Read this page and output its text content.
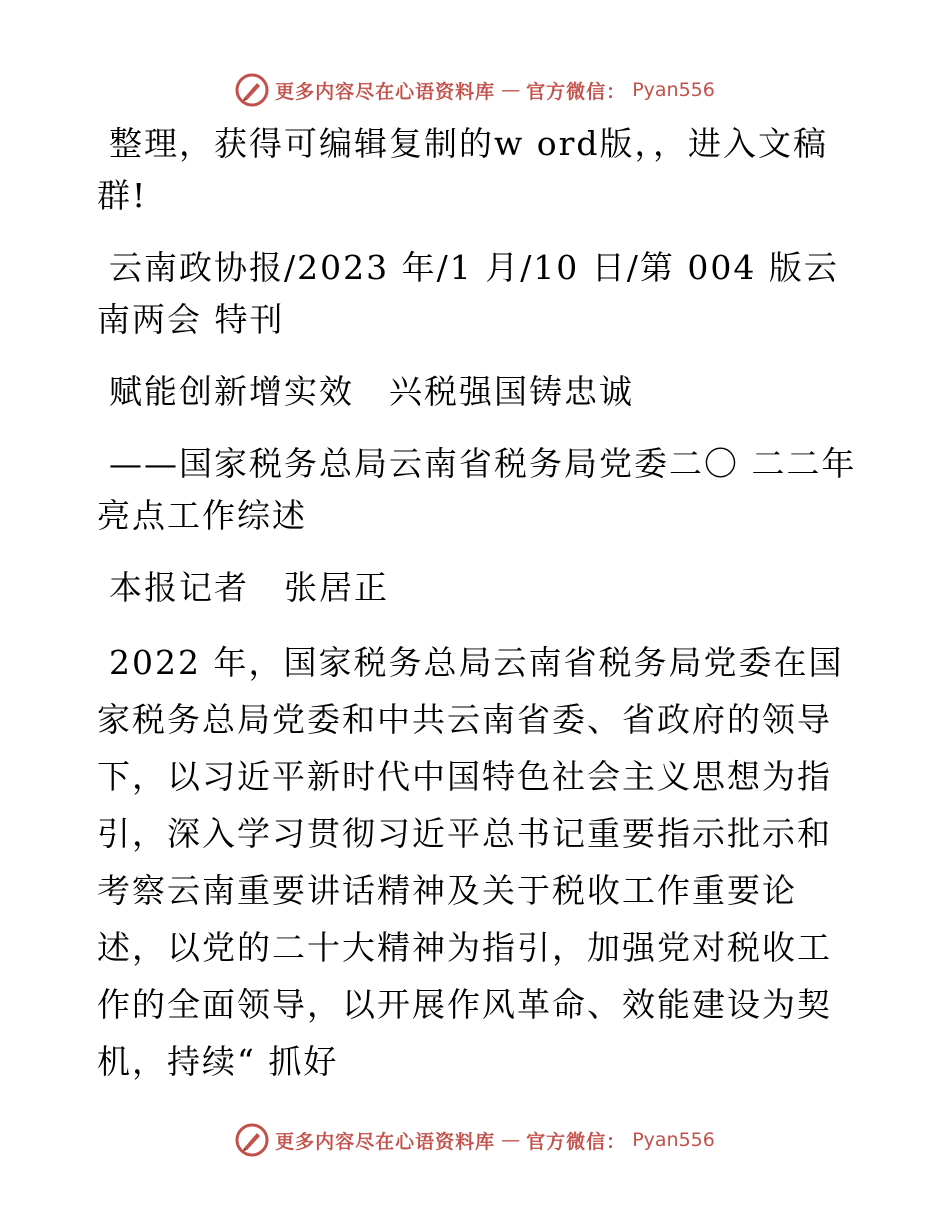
更多内容尽在心语资料库 — 官方微信： Pyan556

整理，获得可编辑复制的w ord版，，进入文稿群!

云南政协报/2023 年/1 月/10 日/第 004 版云南两会 特刊

赋能创新增实效　兴税强国铸忠诚

——国家税务总局云南省税务局党委二〇 二二年亮点工作综述

本报记者　张居正

2022 年，国家税务总局云南省税务局党委在国家税务总局党委和中共云南省委、省政府的领导下，以习近平新时代中国特色社会主义思想为指引，深入学习贯彻习近平总书记重要指示批示和考察云南重要讲话精神及关于税收工作重要论述，以党的二十大精神为指引，加强党对税收工作的全面领导，以开展作风革命、效能建设为契机，持续“ 抓好

更多内容尽在心语资料库 — 官方微信： Pyan556
